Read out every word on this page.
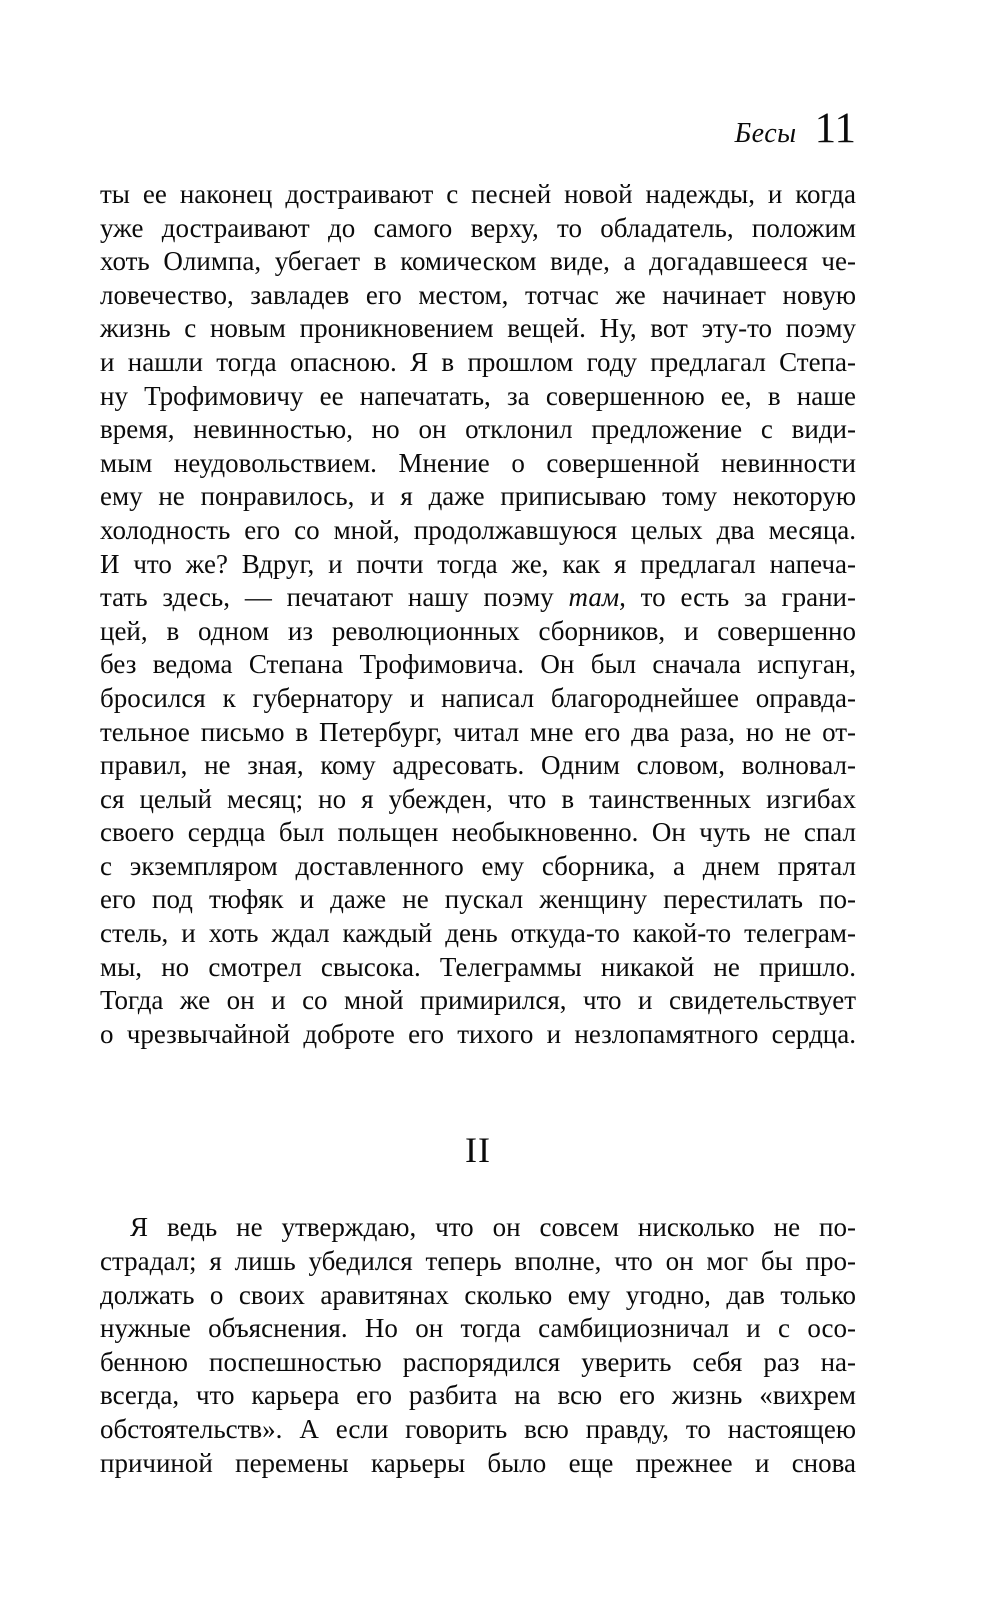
Бесы 11
ты ее наконец достраивают с песней новой надежды, и когда
уже достраивают до самого верху, то обладатель, положим
хоть Олимпа, убегает в комическом виде, а догадавшееся че-
ловечество, завладев его местом, тотчас же начинает новую
жизнь с новым проникновением вещей. Ну, вот эту-то поэму
и нашли тогда опасною. Я в прошлом году предлагал Степа-
ну Трофимовичу ее напечатать, за совершенною ее, в наше
время, невинностью, но он отклонил предложение с види-
мым неудовольствием. Мнение о совершенной невинности
ему не понравилось, и я даже приписываю тому некоторую
холодность его со мной, продолжавшуюся целых два месяца.
И что же? Вдруг, и почти тогда же, как я предлагал напеча-
тать здесь, — печатают нашу поэму там, то есть за грани-
цей, в одном из революционных сборников, и совершенно
без ведома Степана Трофимовича. Он был сначала испуган,
бросился к губернатору и написал благороднейшее оправда-
тельное письмо в Петербург, читал мне его два раза, но не от-
правил, не зная, кому адресовать. Одним словом, волновал-
ся целый месяц; но я убежден, что в таинственных изгибах
своего сердца был польщен необыкновенно. Он чуть не спал
с экземпляром доставленного ему сборника, а днем прятал
его под тюфяк и даже не пускал женщину перестилать по-
стель, и хоть ждал каждый день откуда-то какой-то телеграм-
мы, но смотрел свысока. Телеграммы никакой не пришло.
Тогда же он и со мной примирился, что и свидетельствует
о чрезвычайной доброте его тихого и незлопамятного сердца.
II
Я ведь не утверждаю, что он совсем нисколько не по-
страдал; я лишь убедился теперь вполне, что он мог бы про-
должать о своих аравитянах сколько ему угодно, дав только
нужные объяснения. Но он тогда самбициозничал и с осо-
бенною поспешностью распорядился уверить себя раз на-
всегда, что карьера его разбита на всю его жизнь «вихрем
обстоятельств». А если говорить всю правду, то настоящею
причиной перемены карьеры было еще прежнее и снова
